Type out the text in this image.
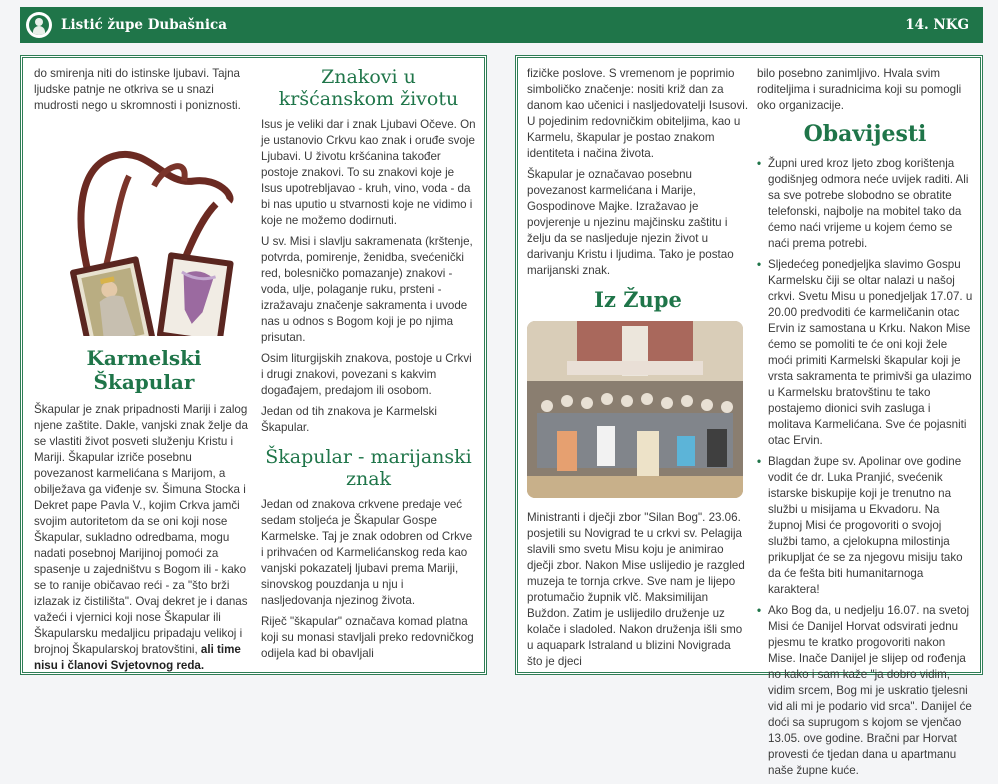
Listić župe Dubašnica	14. NKG

do smirenja niti do istinske ljubavi. Tajna ljudske patnje ne otkriva se u snazi mudrosti nego u skromnosti i poniznosti.

Karmelski Škapular

Škapular je znak pripadnosti Mariji i zalog njene zaštite. Dakle, vanjski znak želje da se vlastiti život posveti služenju Kristu i Mariji. Škapular izriče posebnu povezanost karmelićana s Marijom, a obilježava ga viđenje sv. Šimuna Stocka i Dekret pape Pavla V., kojim Crkva jamči svojim autoritetom da se oni koji nose Škapular, sukladno odredbama, mogu nadati posebnoj Marijinoj pomoći za spasenje u zajedništvu s Bogom ili - kako se to ranije običavao reći - za "što brži izlazak iz čistilišta". Ovaj dekret je i danas važeći i vjernici koji nose Škapular ili Škapularsku medaljicu pripadaju velikoj i brojnoj Škapularskoj bratovštini, ali time nisu i članovi Svjetovnog reda.

Znakovi u kršćanskom životu

Isus je veliki dar i znak Ljubavi Očeve. On je ustanovio Crkvu kao znak i oruđe svoje Ljubavi. U životu kršćanina također postoje znakovi. To su znakovi koje je Isus upotrebljavao - kruh, vino, voda - da bi nas uputio u stvarnosti koje ne vidimo i koje ne možemo dodirnuti.

U sv. Misi i slavlju sakramenata (krštenje, potvrda, pomirenje, ženidba, svećenički red, bolesničko pomazanje) znakovi - voda, ulje, polaganje ruku, prsteni - izražavaju značenje sakramenta i uvode nas u odnos s Bogom koji je po njima prisutan.

Osim liturgijskih znakova, postoje u Crkvi i drugi znakovi, povezani s kakvim događajem, predajom ili osobom.

Jedan od tih znakova je Karmelski Škapular.

Škapular - marijanski znak

Jedan od znakova crkvene predaje već sedam stoljeća je Škapular Gospe Karmelske. Taj je znak odobren od Crkve i prihvaćen od Karmelićanskog reda kao vanjski pokazatelj ljubavi prema Mariji, sinovskog pouzdanja u nju i nasljedovanja njezinog života.

Riječ "škapular" označava komad platna koji su monasi stavljali preko redovničkog odijela kad bi obavljali

fizičke poslove. S vremenom je poprimio simboličko značenje: nositi križ dan za danom kao učenici i nasljedovatelji Isusovi. U pojedinim redovničkim obiteljima, kao u Karmelu, škapular je postao znakom identiteta i načina života.

Škapular je označavao posebnu povezanost karmelićana i Marije, Gospodinove Majke. Izražavao je povjerenje u njezinu majčinsku zaštitu i želju da se nasljeduje njezin život u darivanju Kristu i ljudima. Tako je postao marijanski znak.

Iz Župe

Ministranti i dječji zbor "Silan Bog". 23.06. posjetili su Novigrad te u crkvi sv. Pelagija slavili smo svetu Misu koju je animirao dječji zbor. Nakon Mise uslijedio je razgled muzeja te tornja crkve. Sve nam je lijepo protumačio župnik vlč. Maksimilijan Buždon. Zatim je uslijedilo druženje uz kolače i sladoled. Nakon druženja išli smo u aquapark Istraland u blizini Novigrada što je djeci

bilo posebno zanimljivo. Hvala svim roditeljima i suradnicima koji su pomogli oko organizacije.

Obavijesti
• Župni ured kroz ljeto zbog korištenja godišnjeg odmora neće uvijek raditi. Ali sa sve potrebe slobodno se obratite telefonski, najbolje na mobitel tako da ćemo naći vrijeme u kojem ćemo se naći prema potrebi.
• Sljedećeg ponedjeljka slavimo Gospu Karmelsku čiji se oltar nalazi u našoj crkvi. Svetu Misu u ponedjeljak 17.07. u 20.00 predvoditi će karmeličanin otac Ervin iz samostana u Krku. Nakon Mise ćemo se pomoliti te će oni koji žele moći primiti Karmelski škapular koji je vrsta sakramenta te primivši ga ulazimo u Karmelsku bratovštinu te tako postajemo dionici svih zasluga i molitava Karmelićana. Sve će pojasniti otac Ervin.
• Blagdan župe sv. Apolinar ove godine vodit će dr. Luka Pranjić, svećenik istarske biskupije koji je trenutno na službi u misijama u Ekvadoru. Na župnoj Misi će progovoriti o svojoj službi tamo, a cjelokupna milostinja prikupljat će se za njegovu misiju tako da će fešta biti humanitarnoga karaktera!
• Ako Bog da, u nedjelju 16.07. na svetoj Misi će Danijel Horvat odsvirati jednu pjesmu te kratko progovoriti nakon Mise. Inače Danijel je slijep od rođenja no kako i sam kaže "ja dobro vidim, vidim srcem, Bog mi je uskratio tjelesni vid ali mi je podario vid srca". Danijel će doći sa suprugom s kojom se vjenčao 13.05. ove godine. Bračni par Horvat provesti će tjedan dana u apartmanu naše župne kuće.
